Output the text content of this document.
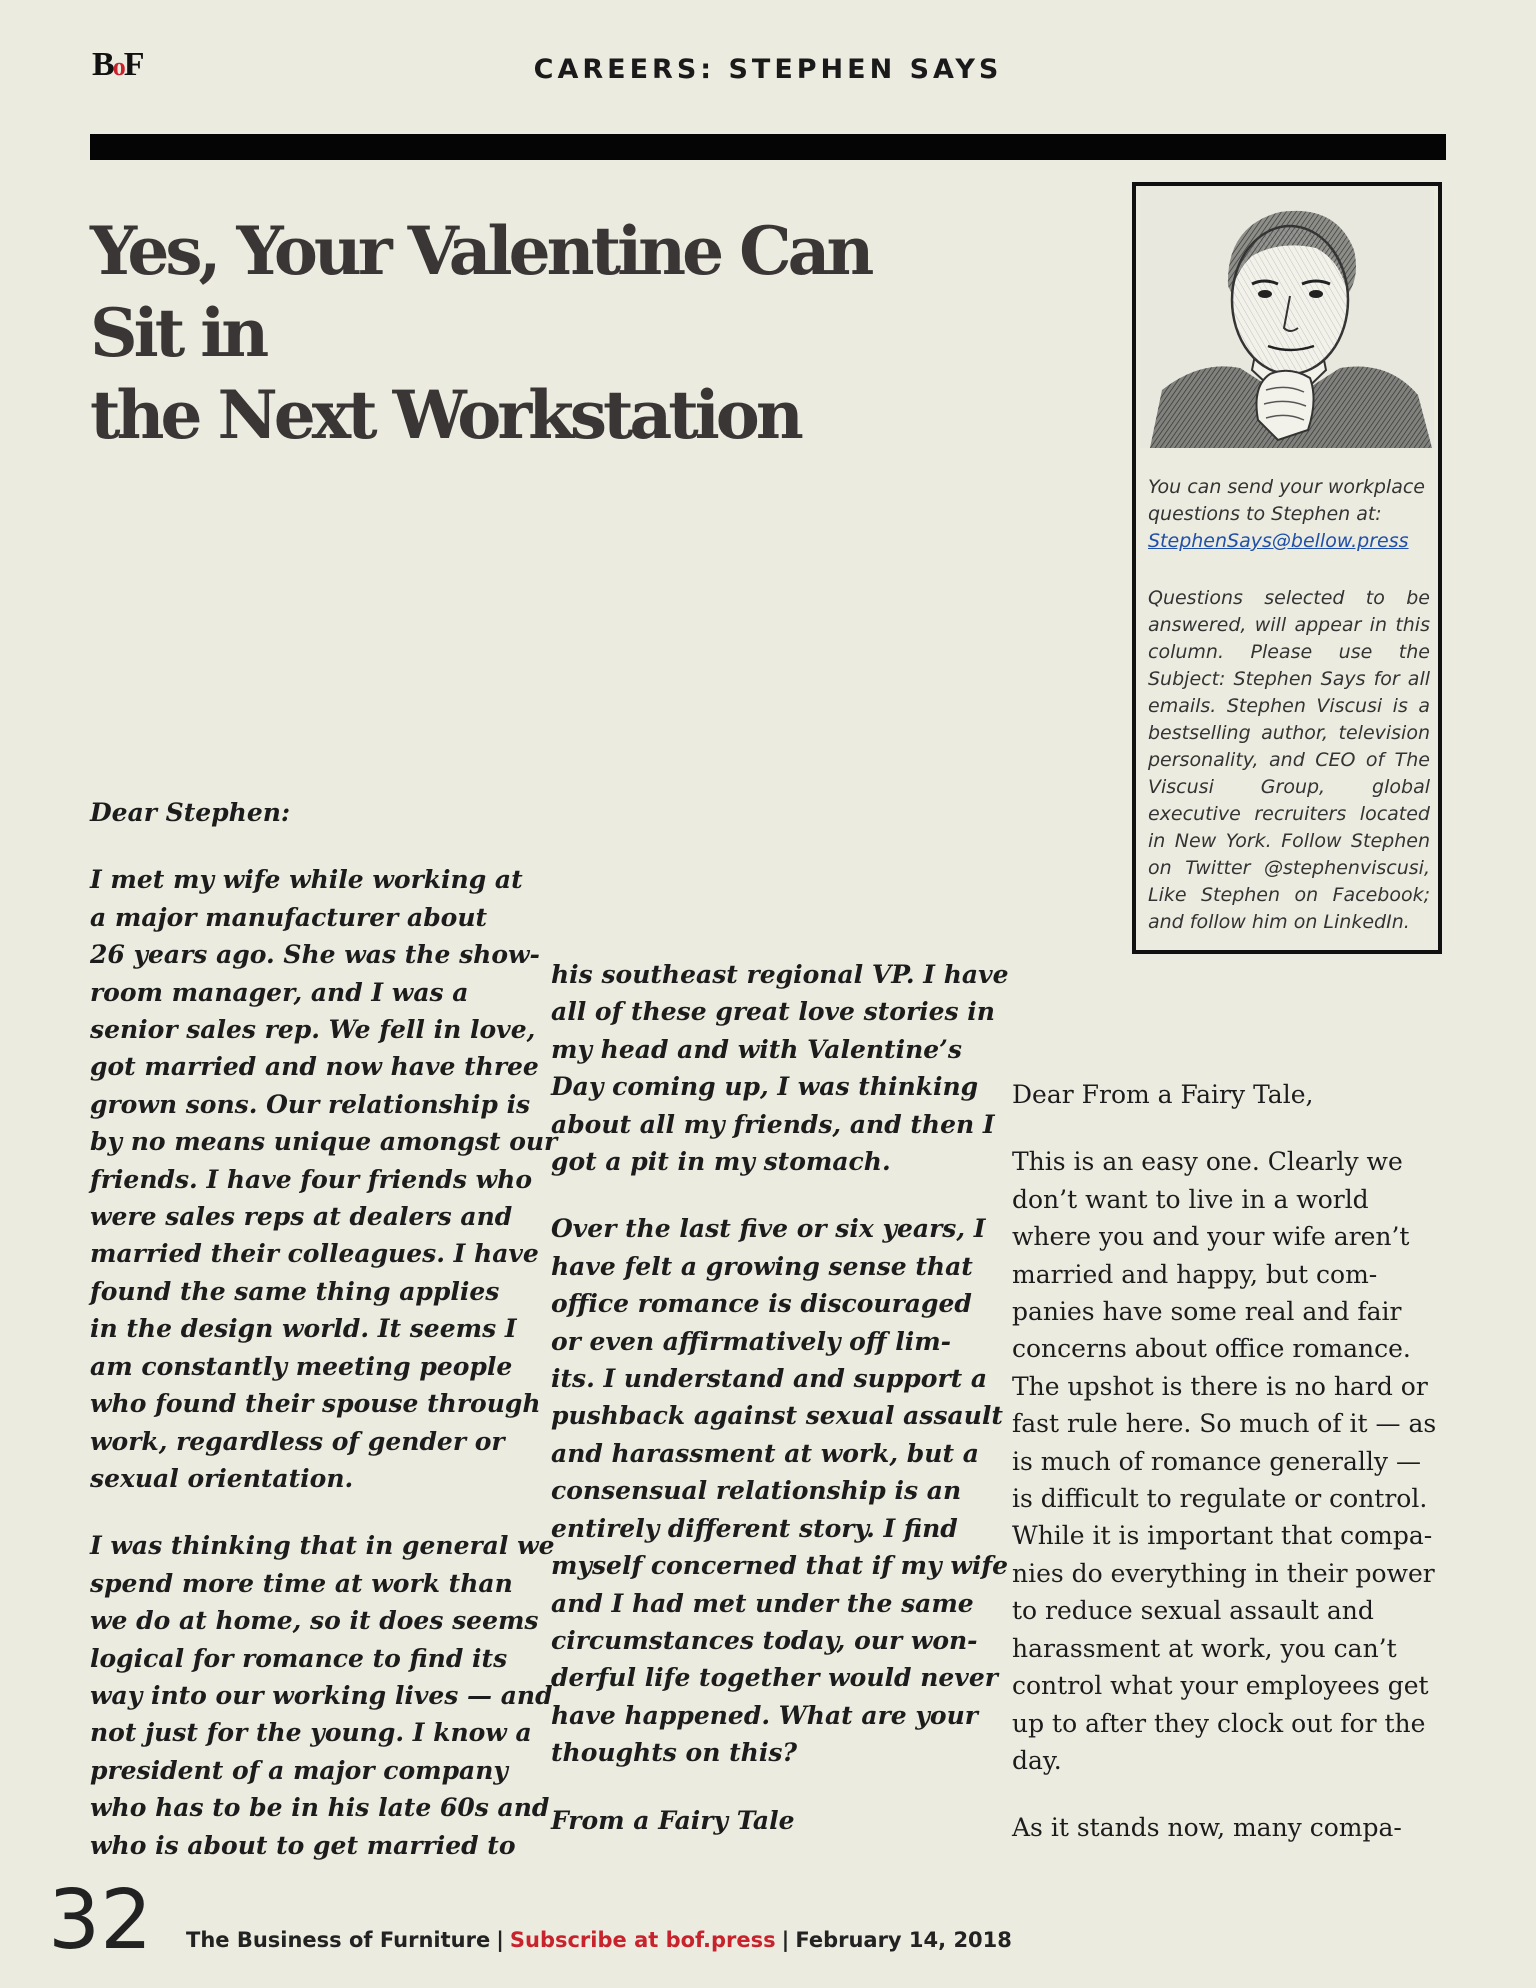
BoF	CAREERS: STEPHEN SAYS
Yes, Your Valentine Can Sit in
the Next Workstation

You can send your workplace questions to Stephen at:
StephenSays@bellow.press

Questions selected to be answered, will appear in this column. Please use the Subject: Stephen Says for all emails. Stephen Viscusi is a bestselling author, television personality, and CEO of The Viscusi Group, global executive recruiters located in New York. Follow Stephen on Twitter @stephenviscusi, Like Stephen on Facebook; and follow him on LinkedIn.

Dear Stephen:

I met my wife while working at
a major manufacturer about
26 years ago. She was the show-
room manager, and I was a
senior sales rep. We fell in love,
got married and now have three
grown sons. Our relationship is
by no means unique amongst our
friends. I have four friends who
were sales reps at dealers and
married their colleagues. I have
found the same thing applies
in the design world. It seems I
am constantly meeting people
who found their spouse through
work, regardless of gender or
sexual orientation.

I was thinking that in general we
spend more time at work than
we do at home, so it does seems
logical for romance to find its
way into our working lives — and
not just for the young. I know a
president of a major company
who has to be in his late 60s and
who is about to get married to

his southeast regional VP. I have
all of these great love stories in
my head and with Valentine’s
Day coming up, I was thinking
about all my friends, and then I
got a pit in my stomach.

Over the last five or six years, I
have felt a growing sense that
office romance is discouraged
or even affirmatively off lim-
its. I understand and support a
pushback against sexual assault
and harassment at work, but a
consensual relationship is an
entirely different story. I find
myself concerned that if my wife
and I had met under the same
circumstances today, our won-
derful life together would never
have happened. What are your
thoughts on this?

From a Fairy Tale

Dear From a Fairy Tale,

This is an easy one. Clearly we
don’t want to live in a world
where you and your wife aren’t
married and happy, but com-
panies have some real and fair
concerns about office romance.
The upshot is there is no hard or
fast rule here. So much of it — as
is much of romance generally —
is difficult to regulate or control.
While it is important that compa-
nies do everything in their power
to reduce sexual assault and
harassment at work, you can’t
control what your employees get
up to after they clock out for the
day.

As it stands now, many compa-

32 The Business of Furniture | Subscribe at bof.press | February 14, 2018
